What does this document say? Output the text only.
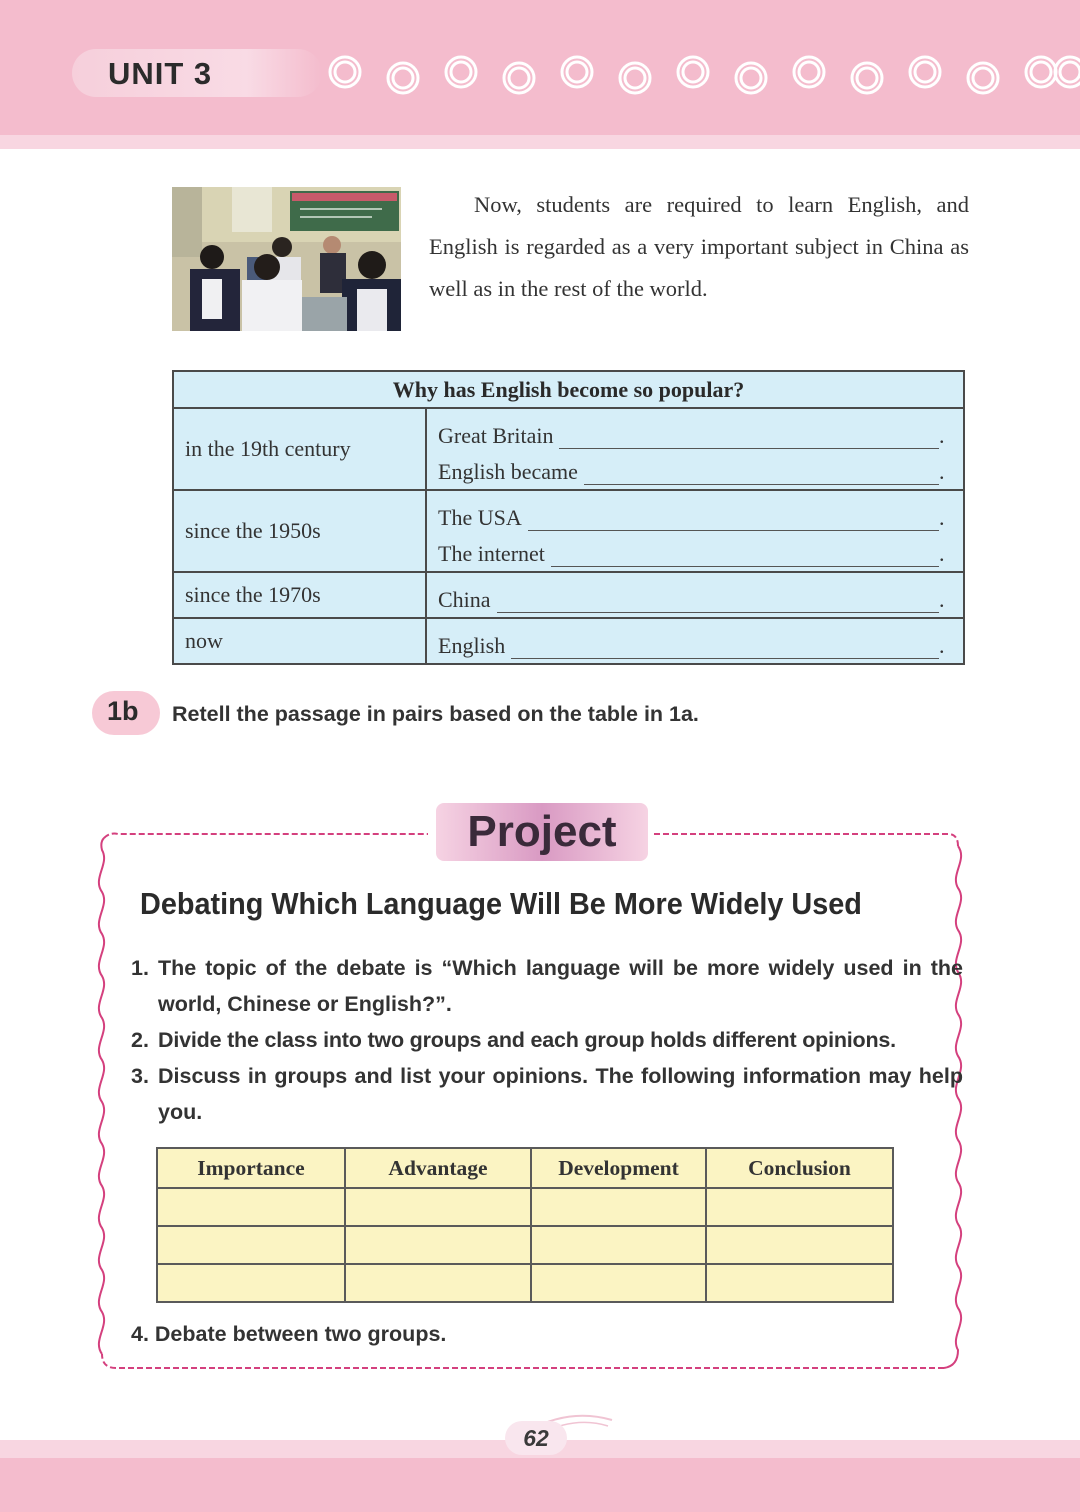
UNIT 3
Now, students are required to learn English, and English is regarded as a very important subject in China as well as in the rest of the world.
Why has English become so popular?	
in the 19th century	Great Britain .
English became .

since the 1950s	The USA .
The internet .

since the 1970s	China .

now	English .
1b Retell the passage in pairs based on the table in 1a.
Project
Debating Which Language Will Be More Widely Used
1. The topic of the debate is “Which language will be more widely used in the world, Chinese or English?”.
2. Divide the class into two groups and each group holds different opinions.
3. Discuss in groups and list your opinions. The following information may help you.
Importance	Advantage	Development	Conclusion

4. Debate between two groups.
62
